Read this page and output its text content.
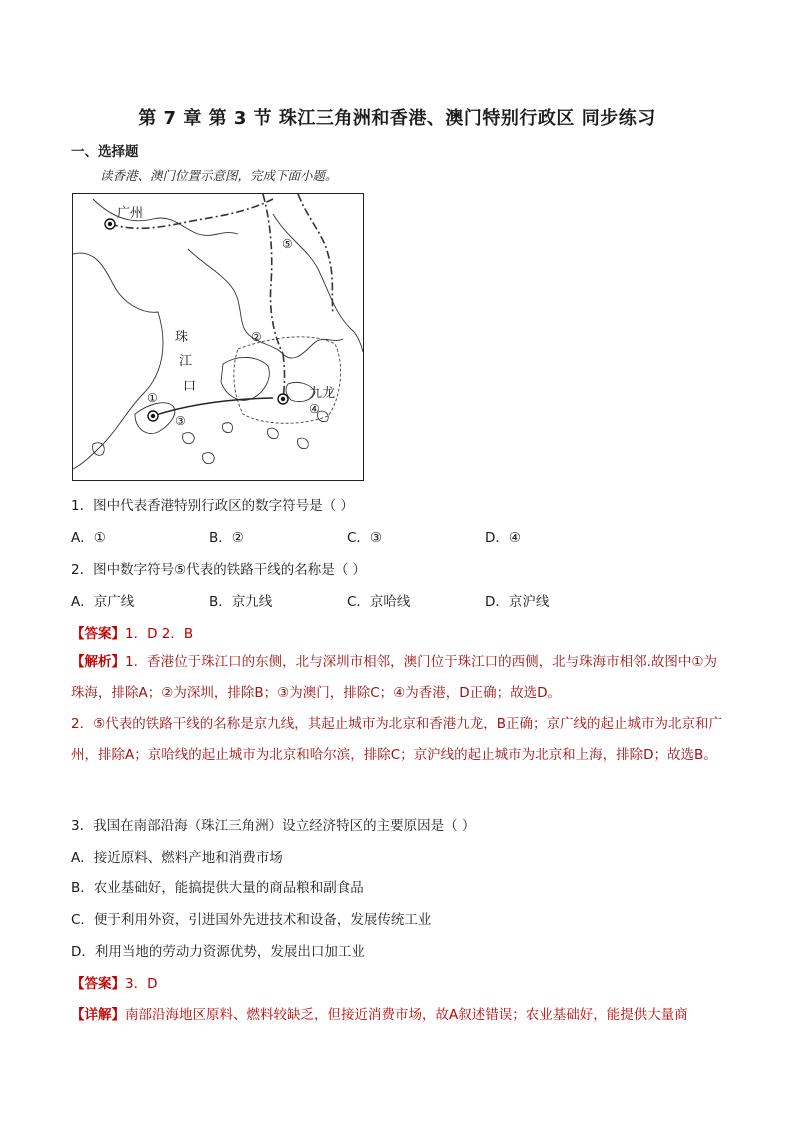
第 7 章 第 3 节 珠江三角洲和香港、澳门特别行政区 同步练习
一、选择题
读香港、澳门位置示意图，完成下面小题。
广州
珠
江
口	九龙
①
②
③
④
⑤
1．图中代表香港特别行政区的数字符号是（ ）
A．①	B．②	C．③	D．④
2．图中数字符号⑤代表的铁路干线的名称是（ ）
A．京广线	B．京九线	C．京哈线	D．京沪线
【答案】1．D 2．B
【解析】1．香港位于珠江口的东侧，北与深圳市相邻，澳门位于珠江口的西侧，北与珠海市相邻.故图中①为珠海，排除A；②为深圳，排除B；③为澳门，排除C；④为香港，D正确；故选D。
2．⑤代表的铁路干线的名称是京九线，其起止城市为北京和香港九龙，B正确；京广线的起止城市为北京和广州，排除A；京哈线的起止城市为北京和哈尔滨，排除C；京沪线的起止城市为北京和上海，排除D；故选B。
3．我国在南部沿海（珠江三角洲）设立经济特区的主要原因是（ ）
A．接近原料、燃料产地和消费市场
B．农业基础好，能搞提供大量的商品粮和副食品
C．便于利用外资，引进国外先进技术和设备，发展传统工业
D．利用当地的劳动力资源优势，发展出口加工业
【答案】3．D
【详解】南部沿海地区原料、燃料较缺乏，但接近消费市场，故A叙述错误；农业基础好，能提供大量商
